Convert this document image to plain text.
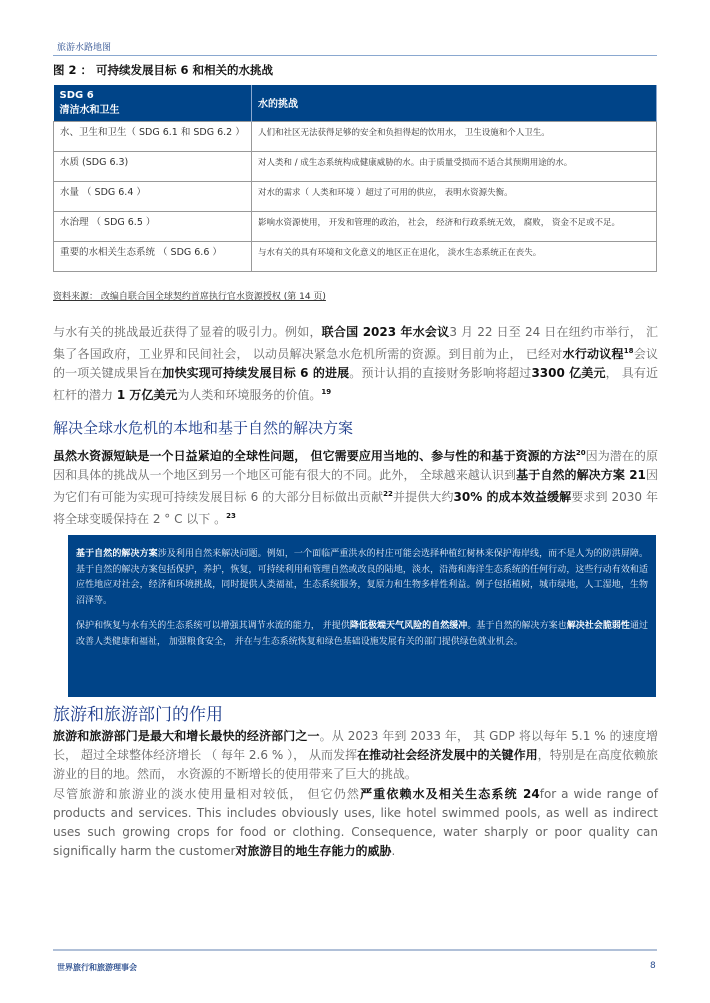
旅游水路地图
图 2 ： 可持续发展目标 6 和相关的水挑战
SDG 6
清洁水和卫生	水的挑战
水、卫生和卫生（ SDG 6.1 和 SDG 6.2 ）	人们和社区无法获得足够的安全和负担得起的饮用水， 卫生设施和个人卫生。
水质 (SDG 6.3)	对人类和 / 成生态系统构成健康威胁的水。由于质量受损而不适合其预期用途的水。
水量 （ SDG 6.4 ）	对水的需求（ 人类和环境 ）超过了可用的供应， 表明水资源失衡。
水治理 （ SDG 6.5 ）	影响水资源使用， 开发和管理的政治， 社会， 经济和行政系统无效， 腐败， 资金不足或不足。
重要的水相关生态系统 （ SDG 6.6 ）	与水有关的具有环境和文化意义的地区正在退化， 淡水生态系统正在丧失。
资料来源： 改编自联合国全球契约首席执行官水资源授权 (第 14 页)
与水有关的挑战最近获得了显着的吸引力。例如，联合国 2023 年水会议3 月 22 日至 24 日在纽约市举行， 汇集了各国政府，工业界和民间社会， 以动员解决紧急水危机所需的资源。到目前为止， 已经对水行动议程$^{18}$会议的一项关键成果旨在加快实现可持续发展目标 6 的进展。预计认捐的直接财务影响将超过3300 亿美元， 具有近杠杆的潜力 1 万亿美元为人类和环境服务的价值。$^{19}$
解决全球水危机的本地和基于自然的解决方案
虽然水资源短缺是一个日益紧迫的全球性问题， 但它需要应用当地的、参与性的和基于资源的方法$^{20}$因为潜在的原因和具体的挑战从一个地区到另一个地区可能有很大的不同。此外， 全球越来越认识到基于自然的解决方案 21因为它们有可能为实现可持续发展目标 6 的大部分目标做出贡献$^{22}$并提供大约30% 的成本效益缓解要求到 2030 年将全球变暖保持在 2 ° C 以下 。$^{23}$

基于自然的解决方案涉及利用自然来解决问题。例如，一个面临严重洪水的村庄可能会选择种植红树林来保护海岸线，而不是人为的防洪屏障。基于自然的解决方案包括保护，养护，恢复，可持续利用和管理自然或改良的陆地，淡水，沿海和海洋生态系统的任何行动，这些行动有效和适应性地应对社会，经济和环境挑战，同时提供人类福祉，生态系统服务，复原力和生物多样性利益。例子包括植树，城市绿地，人工湿地，生物沼泽等。

保护和恢复与水有关的生态系统可以增强其调节水流的能力， 并提供降低极端天气风险的自然缓冲。基于自然的解决方案也解决社会脆弱性通过改善人类健康和福祉， 加强粮食安全， 并在与生态系统恢复和绿色基础设施发展有关的部门提供绿色就业机会。

旅游和旅游部门的作用
旅游和旅游部门是最大和增长最快的经济部门之一。从 2023 年到 2033 年， 其 GDP 将以每年 5.1 % 的速度增长， 超过全球整体经济增长 （ 每年 2.6 % ）， 从而发挥在推动社会经济发展中的关键作用，特别是在高度依赖旅游业的目的地。然而， 水资源的不断增长的使用带来了巨大的挑战。
尽管旅游和旅游业的淡水使用量相对较低， 但它仍然严重依赖水及相关生态系统 24for a wide range of products and services. This includes obviously uses, like hotel swimmed pools, as well as indirect uses such growing crops for food or clothing. Consequence, water sharply or poor quality can significally harm the customer对旅游目的地生存能力的威胁.
世界旅行和旅游理事会	8
